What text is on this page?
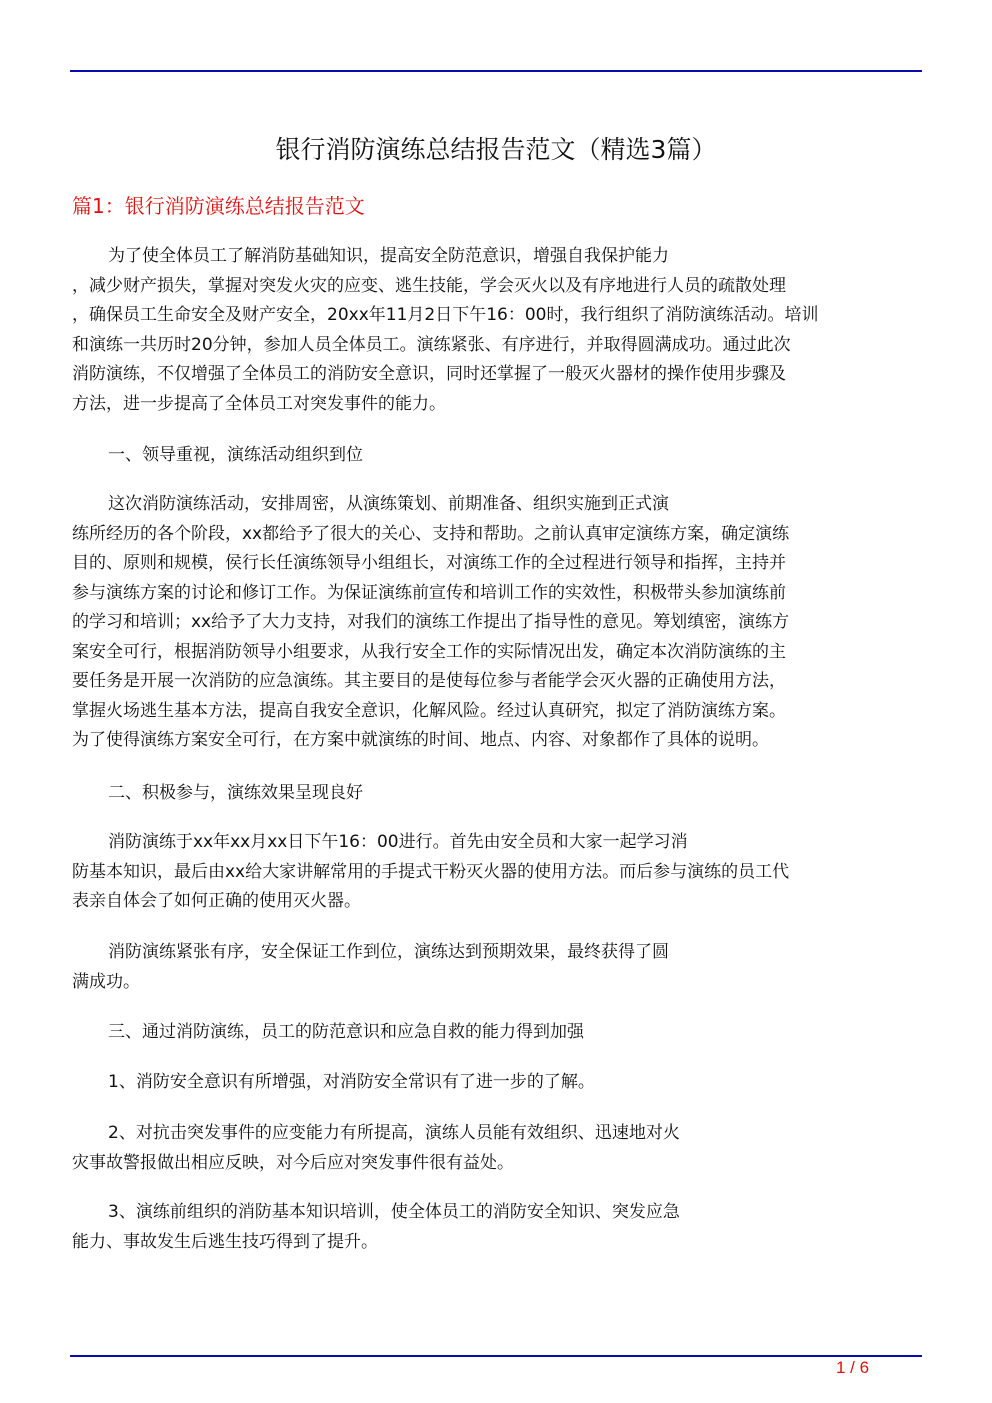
银行消防演练总结报告范文（精选3篇）
篇1：银行消防演练总结报告范文
为了使全体员工了解消防基础知识，提高安全防范意识，增强自我保护能力
，减少财产损失，掌握对突发火灾的应变、逃生技能，学会灭火以及有序地进行人员的疏散处理
，确保员工生命安全及财产安全，20xx年11月2日下午16：00时，我行组织了消防演练活动。培训
和演练一共历时20分钟，参加人员全体员工。演练紧张、有序进行，并取得圆满成功。通过此次
消防演练，不仅增强了全体员工的消防安全意识，同时还掌握了一般灭火器材的操作使用步骤及
方法，进一步提高了全体员工对突发事件的能力。
一、领导重视，演练活动组织到位
这次消防演练活动，安排周密，从演练策划、前期准备、组织实施到正式演
练所经历的各个阶段，xx都给予了很大的关心、支持和帮助。之前认真审定演练方案，确定演练
目的、原则和规模，侯行长任演练领导小组组长，对演练工作的全过程进行领导和指挥，主持并
参与演练方案的讨论和修订工作。为保证演练前宣传和培训工作的实效性，积极带头参加演练前
的学习和培训；xx给予了大力支持，对我们的演练工作提出了指导性的意见。筹划缜密，演练方
案安全可行，根据消防领导小组要求，从我行安全工作的实际情况出发，确定本次消防演练的主
要任务是开展一次消防的应急演练。其主要目的是使每位参与者能学会灭火器的正确使用方法，
掌握火场逃生基本方法，提高自我安全意识，化解风险。经过认真研究，拟定了消防演练方案。
为了使得演练方案安全可行，在方案中就演练的时间、地点、内容、对象都作了具体的说明。
二、积极参与，演练效果呈现良好
消防演练于xx年xx月xx日下午16：00进行。首先由安全员和大家一起学习消
防基本知识，最后由xx给大家讲解常用的手提式干粉灭火器的使用方法。而后参与演练的员工代
表亲自体会了如何正确的使用灭火器。
消防演练紧张有序，安全保证工作到位，演练达到预期效果，最终获得了圆
满成功。
三、通过消防演练，员工的防范意识和应急自救的能力得到加强
1、消防安全意识有所增强，对消防安全常识有了进一步的了解。
2、对抗击突发事件的应变能力有所提高，演练人员能有效组织、迅速地对火
灾事故警报做出相应反映，对今后应对突发事件很有益处。
3、演练前组织的消防基本知识培训，使全体员工的消防安全知识、突发应急
能力、事故发生后逃生技巧得到了提升。
1 / 6
